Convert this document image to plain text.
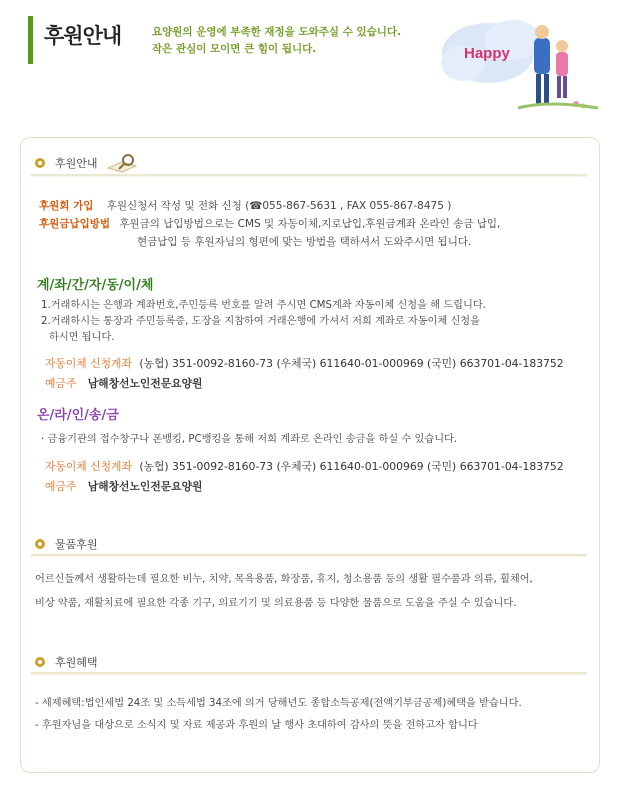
후원안내	요양원의 운영에 부족한 재정을 도와주실 수 있습니다.
작은 관심이 모이면 큰 힘이 됩니다.	Happy
후원안내
후원회 가입 후원신청서 작성 및 전화 신청 (☎055-867-5631 , FAX 055-867-8475 )
후원금납입방법 후원금의 납입방법으로는 CMS 및 자동이체,지로납입,후원금계좌 온라인 송금 납입,
현금납입 등 후원자님의 형편에 맞는 방법을 택하셔서 도와주시면 됩니다.
계/좌/간/자/동/이/체
1.거래하시는 은행과 계좌번호,주민등록 번호를 알려 주시면 CMS계좌 자동이체 신청을 해 드립니다.
2.거래하시는 통장과 주민등록증, 도장을 지참하여 거래은행에 가셔서 저희 계좌로 자동이체 신청을
하시면 됩니다.
자동이체 신청계좌 (농협) 351-0092-8160-73 (우체국) 611640-01-000969 (국민) 663701-04-183752
예금주 남해창선노인전문요양원
온/라/인/송/금
· 금융기관의 접수창구나 폰뱅킹, PC뱅킹을 통해 저희 계좌로 온라인 송금을 하실 수 있습니다.
자동이체 신청계좌 (농협) 351-0092-8160-73 (우체국) 611640-01-000969 (국민) 663701-04-183752
예금주 남해창선노인전문요양원
물품후원
어르신들께서 생활하는데 필요한 비누, 치약, 목욕용품, 화장품, 휴지, 청소용품 등의 생활 필수품과 의류, 휠체어,
비상 약품, 재활치료에 필요한 각종 기구, 의료기기 및 의료용품 등 다양한 물품으로 도움을 주실 수 있습니다.
후원혜택
- 세제혜택:법인세법 24조 및 소득세법 34조에 의거 당해년도 종합소득공제(전액기부금공제)혜택을 받습니다.
- 후원자님을 대상으로 소식지 및 자료 제공과 후원의 날 행사 초대하여 감사의 뜻을 전하고자 합니다
